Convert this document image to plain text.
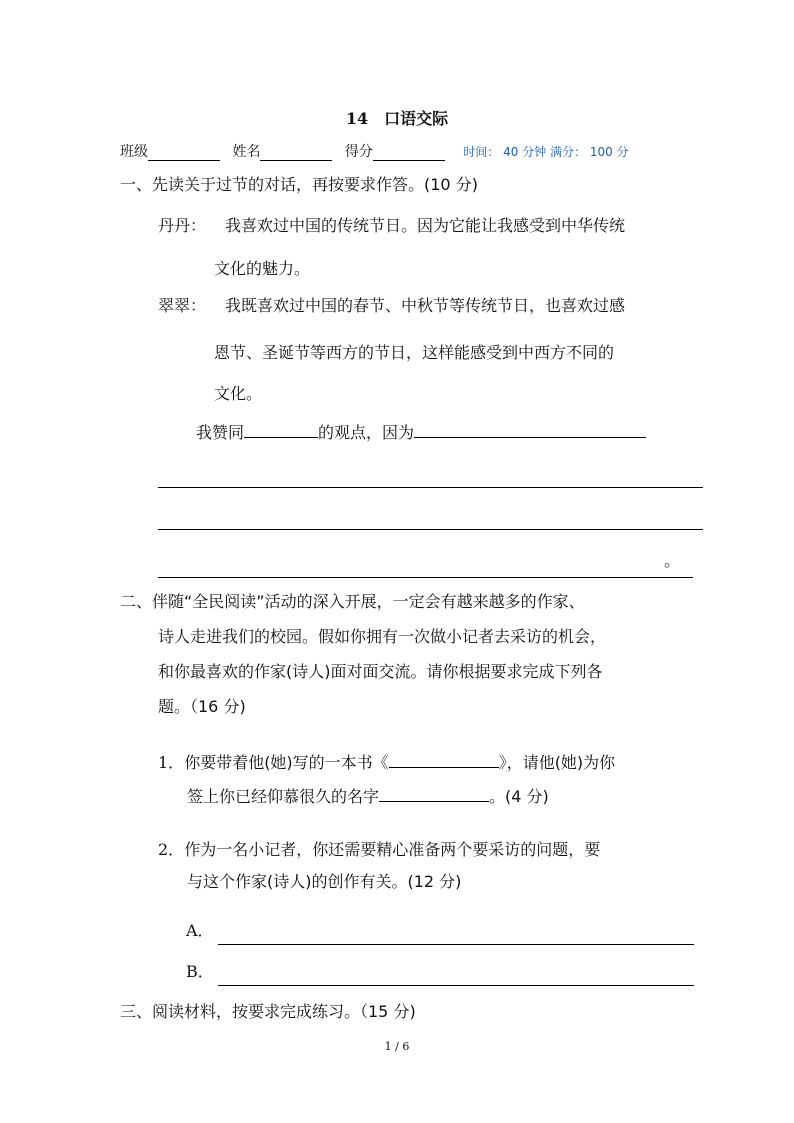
14　口语交际
班级	姓名	得分	时间： 40 分钟 满分： 100 分
一、先读关于过节的对话，再按要求作答。(10 分)
丹丹： 我喜欢过中国的传统节日。因为它能让我感受到中华传统
文化的魅力。
翠翠： 我既喜欢过中国的春节、中秋节等传统节日，也喜欢过感
恩节、圣诞节等西方的节日，这样能感受到中西方不同的
文化。
我赞同	的观点，因为
。
二、伴随“全民阅读”活动的深入开展，一定会有越来越多的作家、
诗人走进我们的校园。假如你拥有一次做小记者去采访的机会，
和你最喜欢的作家(诗人)面对面交流。请你根据要求完成下列各
题。（16 分)
1．你要带着他(她)写的一本书《	》，请他(她)为你
签上你已经仰慕很久的名字	。(4 分)
2．作为一名小记者，你还需要精心准备两个要采访的问题，要
与这个作家(诗人)的创作有关。(12 分)
A．
B．
三、阅读材料，按要求完成练习。（15 分)
1 / 6
